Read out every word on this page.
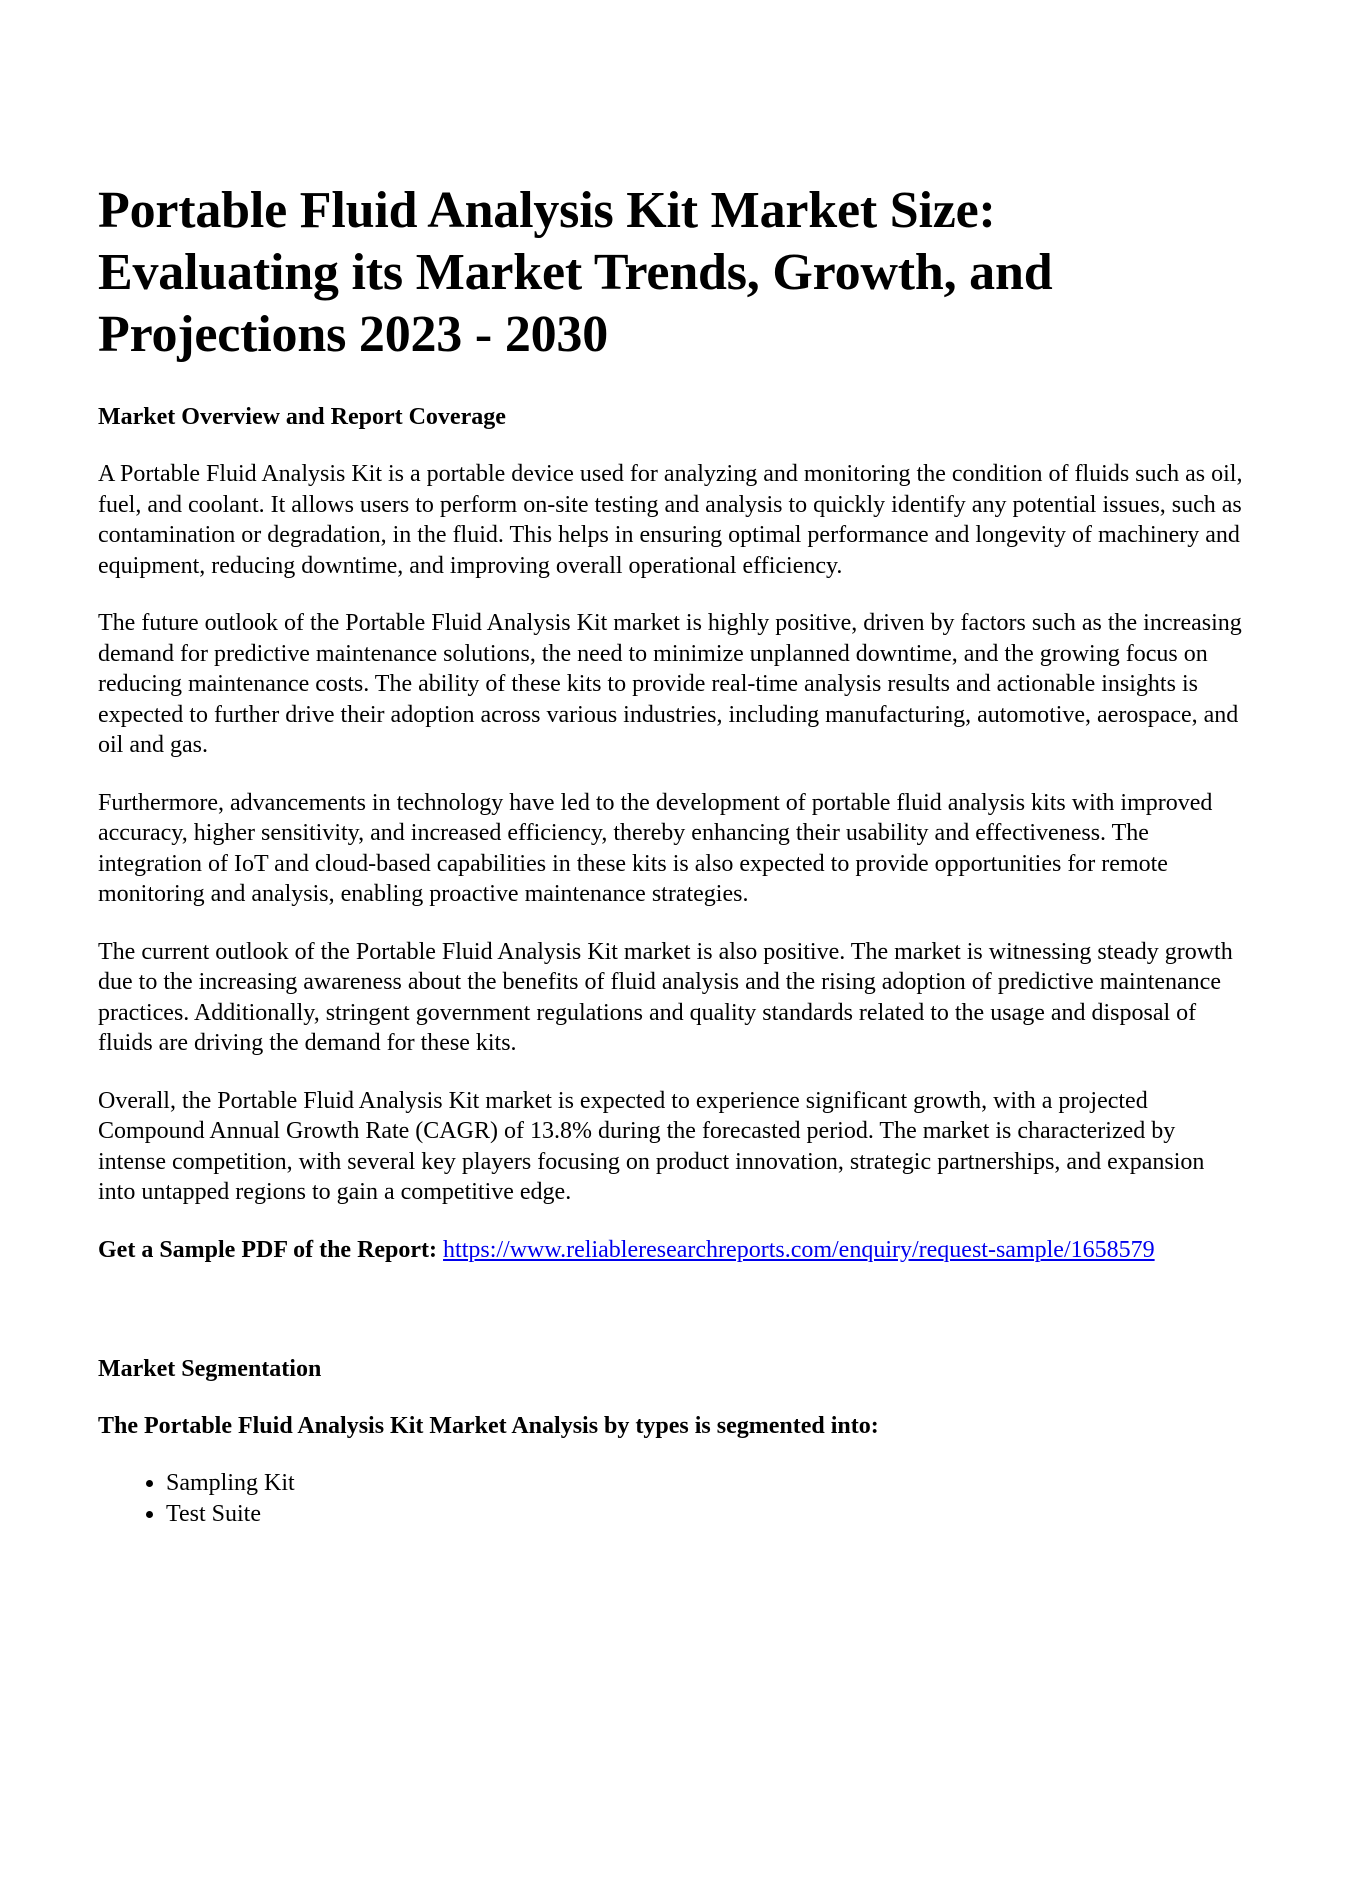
Portable Fluid Analysis Kit Market Size: Evaluating its Market Trends, Growth, and Projections 2023 - 2030
Market Overview and Report Coverage

A Portable Fluid Analysis Kit is a portable device used for analyzing and monitoring the condition of fluids such as oil, fuel, and coolant. It allows users to perform on-site testing and analysis to quickly identify any potential issues, such as contamination or degradation, in the fluid. This helps in ensuring optimal performance and longevity of machinery and equipment, reducing downtime, and improving overall operational efficiency.

The future outlook of the Portable Fluid Analysis Kit market is highly positive, driven by factors such as the increasing demand for predictive maintenance solutions, the need to minimize unplanned downtime, and the growing focus on reducing maintenance costs. The ability of these kits to provide real-time analysis results and actionable insights is expected to further drive their adoption across various industries, including manufacturing, automotive, aerospace, and oil and gas.

Furthermore, advancements in technology have led to the development of portable fluid analysis kits with improved accuracy, higher sensitivity, and increased efficiency, thereby enhancing their usability and effectiveness. The integration of IoT and cloud-based capabilities in these kits is also expected to provide opportunities for remote monitoring and analysis, enabling proactive maintenance strategies.

The current outlook of the Portable Fluid Analysis Kit market is also positive. The market is witnessing steady growth due to the increasing awareness about the benefits of fluid analysis and the rising adoption of predictive maintenance practices. Additionally, stringent government regulations and quality standards related to the usage and disposal of fluids are driving the demand for these kits.

Overall, the Portable Fluid Analysis Kit market is expected to experience significant growth, with a projected Compound Annual Growth Rate (CAGR) of 13.8% during the forecasted period. The market is characterized by intense competition, with several key players focusing on product innovation, strategic partnerships, and expansion into untapped regions to gain a competitive edge.

Get a Sample PDF of the Report: https://www.reliableresearchreports.com/enquiry/request-sample/1658579

Market Segmentation
The Portable Fluid Analysis Kit Market Analysis by types is segmented into:
• Sampling Kit
• Test Suite
